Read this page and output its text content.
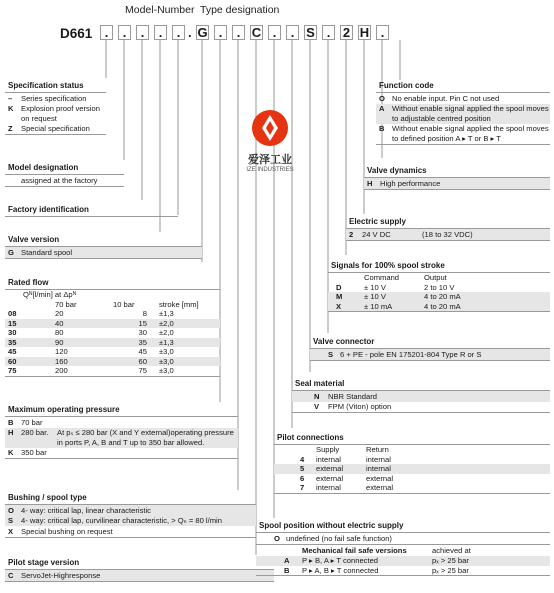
Model-Number Type designation
D661 .	.	.	.	. . G .	. C .	. S . 2 H .
爱泽工业
IZE INDUSTRIES
Specification status
–	Series specification
K Explosion proof version on request
Z	Special specification
Model designation
assigned at the factory
Factory identification
Valve version
G Standard spool
Rated flow
Q N [l/min] at Δp N
70 bar	10 bar	stroke [mm]
08	20	8	±1,3
15	40	15	±2,0
30	80	30	±2,0
35	90	35	±1,3
45	120	45	±3,0
60	160	60	±3,0
75	200	75	±3,0
Maximum operating pressure
B 70 bar
H 280 bar.	At pₛ ≤ 280 bar (X and Y external)operating pressure in ports P, A, B and T up to 350 bar allowed.
K 350 bar
Bushing / spool type
O 4- way: critical lap, linear characteristic
S	4- way: critical lap, curvilinear characteristic, > Qₙ = 80 l/min
X	Special bushing on request
Pilot stage version
C ServoJet-Highresponse
Function code
O No enable input. Pin C not used
A Without enable signal applied the spool moves to adjustable centred position
B Without enable signal applied the spool moves to defined position A ▸ T or B ▸ T
Valve dynamics
H High performance
Electric supply
2	24 V DC	(18 to 32 VDC)
Signals for 100% spool stroke
Command	Output
D	± 10 V	2 to 10 V
M	± 10 V	4 to 20 mA
X	± 10 mA	4 to 20 mA
Valve connector
S 6 + PE - pole EN 175201-804 Type R or S
Seal material
N	NBR Standard
V	FPM (Viton) option
Pilot connections
Supply	Return
4	internal	internal
5	external	internal
6	external	external
7	internal	external
Spool position without electric supply
O undefined (no fail safe function)
Mechanical fail safe versions	achieved at
A	P ▸ B, A ▸ T connected	pₓ > 25 bar
B	P ▸ A, B ▸ T connected	pₓ > 25 bar
